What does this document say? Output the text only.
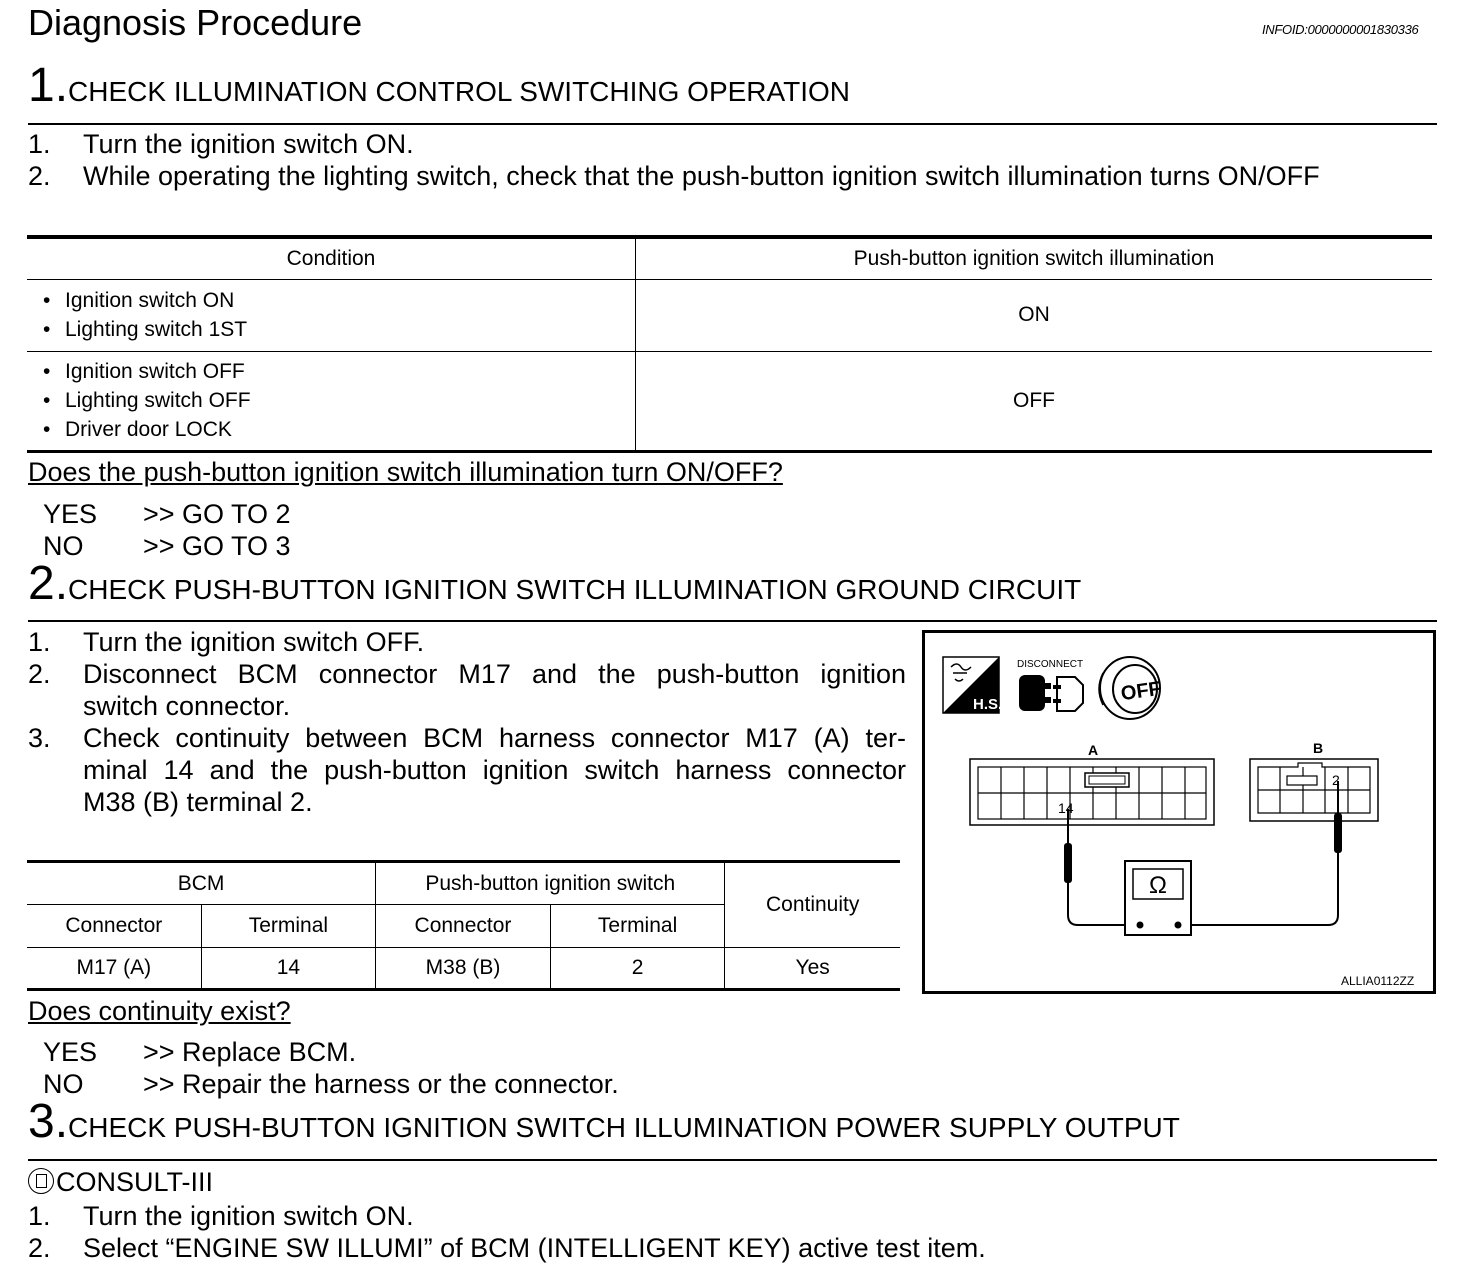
Diagnosis Procedure	INFOID:0000000001830336
1.CHECK ILLUMINATION CONTROL SWITCHING OPERATION
1.	Turn the ignition switch ON.
2.	While operating the lighting switch, check that the push-button ignition switch illumination turns ON/OFF
Condition	Push-button ignition switch illumination

• Ignition switch ON
• Lighting switch 1ST	ON

• Ignition switch OFF
• Lighting switch OFF
• Driver door LOCK	OFF
Does the push-button ignition switch illumination turn ON/OFF?
YES	>> GO TO 2
NO	>> GO TO 3
2.CHECK PUSH-BUTTON IGNITION SWITCH ILLUMINATION GROUND CIRCUIT
1.	Turn the ignition switch OFF.
2.	Disconnect BCM connector M17 and the push-button ignition
switch connector.
3.	Check continuity between BCM harness connector M17 (A) ter-
minal 14 and the push-button ignition switch harness connector
M38 (B) terminal 2.
BCM		Push-button ignition switch		Continuity
Connector	Terminal	Connector	Terminal	
M17 (A)	14	M38 (B)	2	Yes
H.S.
DISCONNECT
OFF
A
14
B
2
Ω
ALLIA0112ZZ
Does continuity exist?
YES	>> Replace BCM.
NO	>> Repair the harness or the connector.
3.CHECK PUSH-BUTTON IGNITION SWITCH ILLUMINATION POWER SUPPLY OUTPUT
CONSULT-III
1.	Turn the ignition switch ON.
2.	Select “ENGINE SW ILLUMI” of BCM (INTELLIGENT KEY) active test item.
